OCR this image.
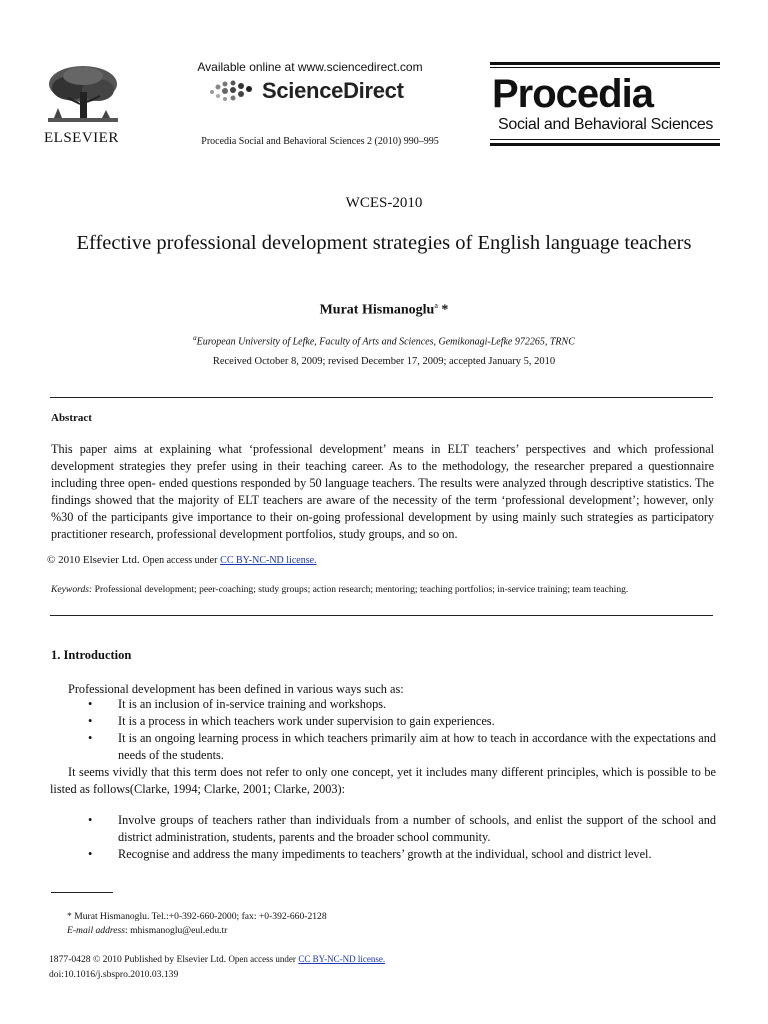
ELSEVIER
Available online at www.sciencedirect.com
ScienceDirect
Procedia Social and Behavioral Sciences 2 (2010) 990–995
Procedia
Social and Behavioral Sciences
WCES-2010
Effective professional development strategies of English language teachers
Murat Hismanoglu$^a$ *
$^a$European University of Lefke, Faculty of Arts and Sciences, Gemikonagi-Lefke 972265, TRNC
Received October 8, 2009; revised December 17, 2009; accepted January 5, 2010
Abstract
This paper aims at explaining what ‘professional development’ means in ELT teachers’ perspectives and which professional development strategies they prefer using in their teaching career. As to the methodology, the researcher prepared a questionnaire including three open- ended questions responded by 50 language teachers. The results were analyzed through descriptive statistics. The findings showed that the majority of ELT teachers are aware of the necessity of the term ‘professional development’; however, only %30 of the participants give importance to their on-going professional development by using mainly such strategies as participatory practitioner research, professional development portfolios, study groups, and so on.
© 2010 Elsevier Ltd. Open access under CC BY-NC-ND license.
Keywords: Professional development; peer-coaching; study groups; action research; mentoring; teaching portfolios; in-service training; team teaching.
1. Introduction
Professional development has been defined in various ways such as:
•	It is an inclusion of in-service training and workshops.
•	It is a process in which teachers work under supervision to gain experiences.
•	It is an ongoing learning process in which teachers primarily aim at how to teach in accordance with the expectations and needs of the students.
It seems vividly that this term does not refer to only one concept, yet it includes many different principles, which is possible to be listed as follows(Clarke, 1994; Clarke, 2001; Clarke, 2003):
•	Involve groups of teachers rather than individuals from a number of schools, and enlist the support of the school and district administration, students, parents and the broader school community.
•	Recognise and address the many impediments to teachers’ growth at the individual, school and district level.
* Murat Hismanoglu. Tel.:+0-392-660-2000; fax: +0-392-660-2128
E-mail address: mhismanoglu@eul.edu.tr
1877-0428 © 2010 Published by Elsevier Ltd. Open access under CC BY-NC-ND license.
doi:10.1016/j.sbspro.2010.03.139
